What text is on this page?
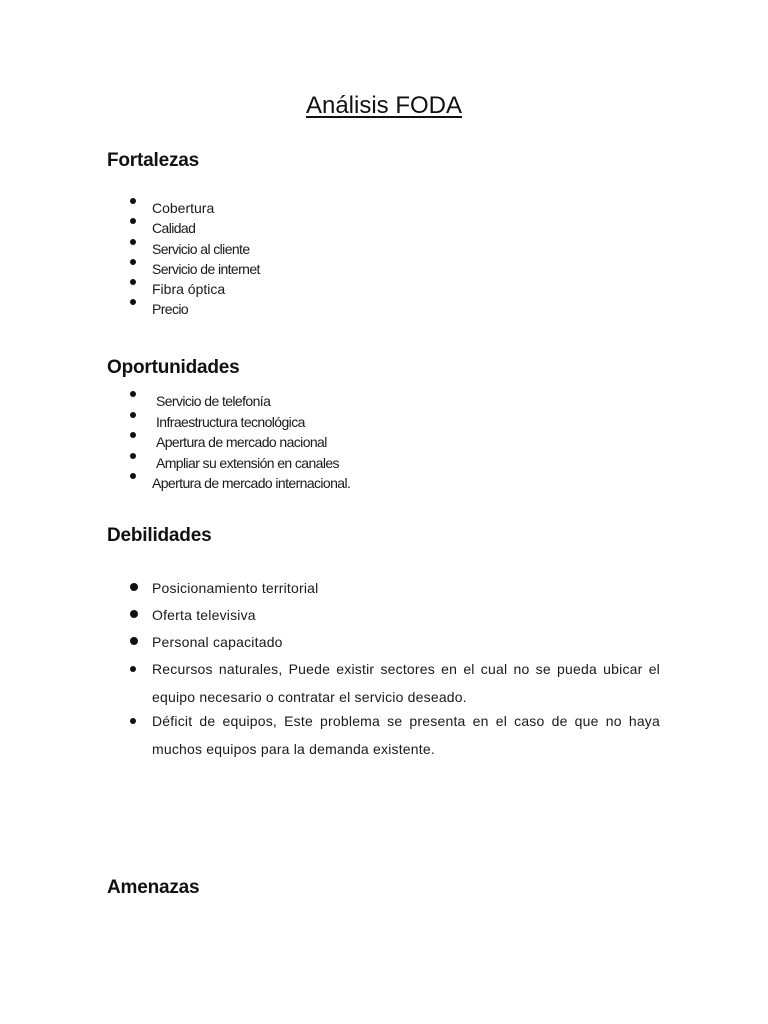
Análisis FODA
Fortalezas
Cobertura
Calidad
Servicio al cliente
Servicio de internet
Fibra óptica
Precio
Oportunidades
Servicio de telefonía
Infraestructura tecnológica
Apertura de mercado nacional
Ampliar su extensión en canales
Apertura de mercado internacional.
Debilidades
Posicionamiento territorial
Oferta televisiva
Personal capacitado
Recursos naturales, Puede existir sectores en el cual no se pueda ubicar el equipo necesario o contratar el servicio deseado.
Déficit de equipos, Este problema se presenta en el caso de que no haya muchos equipos para la demanda existente.
Amenazas
